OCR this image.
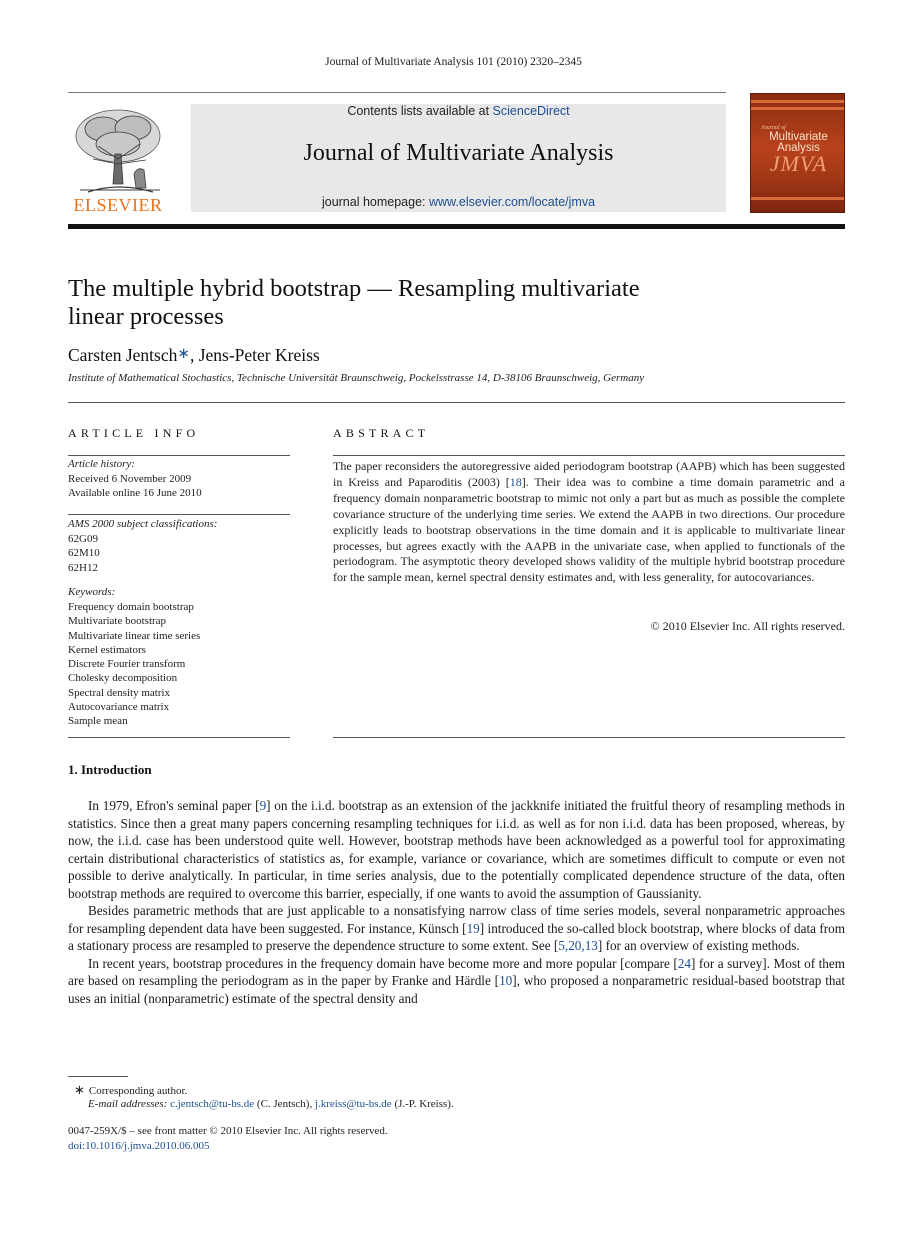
Journal of Multivariate Analysis 101 (2010) 2320–2345
ELSEVIER
Contents lists available at ScienceDirect
Journal of Multivariate Analysis
journal homepage: www.elsevier.com/locate/jmva
Journal of
Multivariate
Analysis
JMVA
The multiple hybrid bootstrap — Resampling multivariate
linear processes
Carsten Jentsch∗, Jens-Peter Kreiss
Institute of Mathematical Stochastics, Technische Universität Braunschweig, Pockelsstrasse 14, D-38106 Braunschweig, Germany
ARTICLE INFO
Article history:
Received 6 November 2009
Available online 16 June 2010
AMS 2000 subject classifications:
62G09
62M10
62H12
Keywords:
Frequency domain bootstrap
Multivariate bootstrap
Multivariate linear time series
Kernel estimators
Discrete Fourier transform
Cholesky decomposition
Spectral density matrix
Autocovariance matrix
Sample mean
ABSTRACT
The paper reconsiders the autoregressive aided periodogram bootstrap (AAPB) which has been suggested in Kreiss and Paparoditis (2003) [18]. Their idea was to combine a time domain parametric and a frequency domain nonparametric bootstrap to mimic not only a part but as much as possible the complete covariance structure of the underlying time series. We extend the AAPB in two directions. Our procedure explicitly leads to bootstrap observations in the time domain and it is applicable to multivariate linear processes, but agrees exactly with the AAPB in the univariate case, when applied to functionals of the periodogram. The asymptotic theory developed shows validity of the multiple hybrid bootstrap procedure for the sample mean, kernel spectral density estimates and, with less generality, for autocovariances.
© 2010 Elsevier Inc. All rights reserved.
1. Introduction

In 1979, Efron's seminal paper [9] on the i.i.d. bootstrap as an extension of the jackknife initiated the fruitful theory of resampling methods in statistics. Since then a great many papers concerning resampling techniques for i.i.d. as well as for non i.i.d. data has been proposed, whereas, by now, the i.i.d. case has been understood quite well. However, bootstrap methods have been acknowledged as a powerful tool for approximating certain distributional characteristics of statistics as, for example, variance or covariance, which are sometimes difficult to compute or even not possible to derive analytically. In particular, in time series analysis, due to the potentially complicated dependence structure of the data, often bootstrap methods are required to overcome this barrier, especially, if one wants to avoid the assumption of Gaussianity.

Besides parametric methods that are just applicable to a nonsatisfying narrow class of time series models, several nonparametric approaches for resampling dependent data have been suggested. For instance, Künsch [19] introduced the so-called block bootstrap, where blocks of data from a stationary process are resampled to preserve the dependence structure to some extent. See [5,20,13] for an overview of existing methods.

In recent years, bootstrap procedures in the frequency domain have become more and more popular [compare [24] for a survey]. Most of them are based on resampling the periodogram as in the paper by Franke and Härdle [10], who proposed a nonparametric residual-based bootstrap that uses an initial (nonparametric) estimate of the spectral density and

∗ Corresponding author.
E-mail addresses: c.jentsch@tu-bs.de (C. Jentsch), j.kreiss@tu-bs.de (J.-P. Kreiss).
0047-259X/$ – see front matter © 2010 Elsevier Inc. All rights reserved.
doi:10.1016/j.jmva.2010.06.005
